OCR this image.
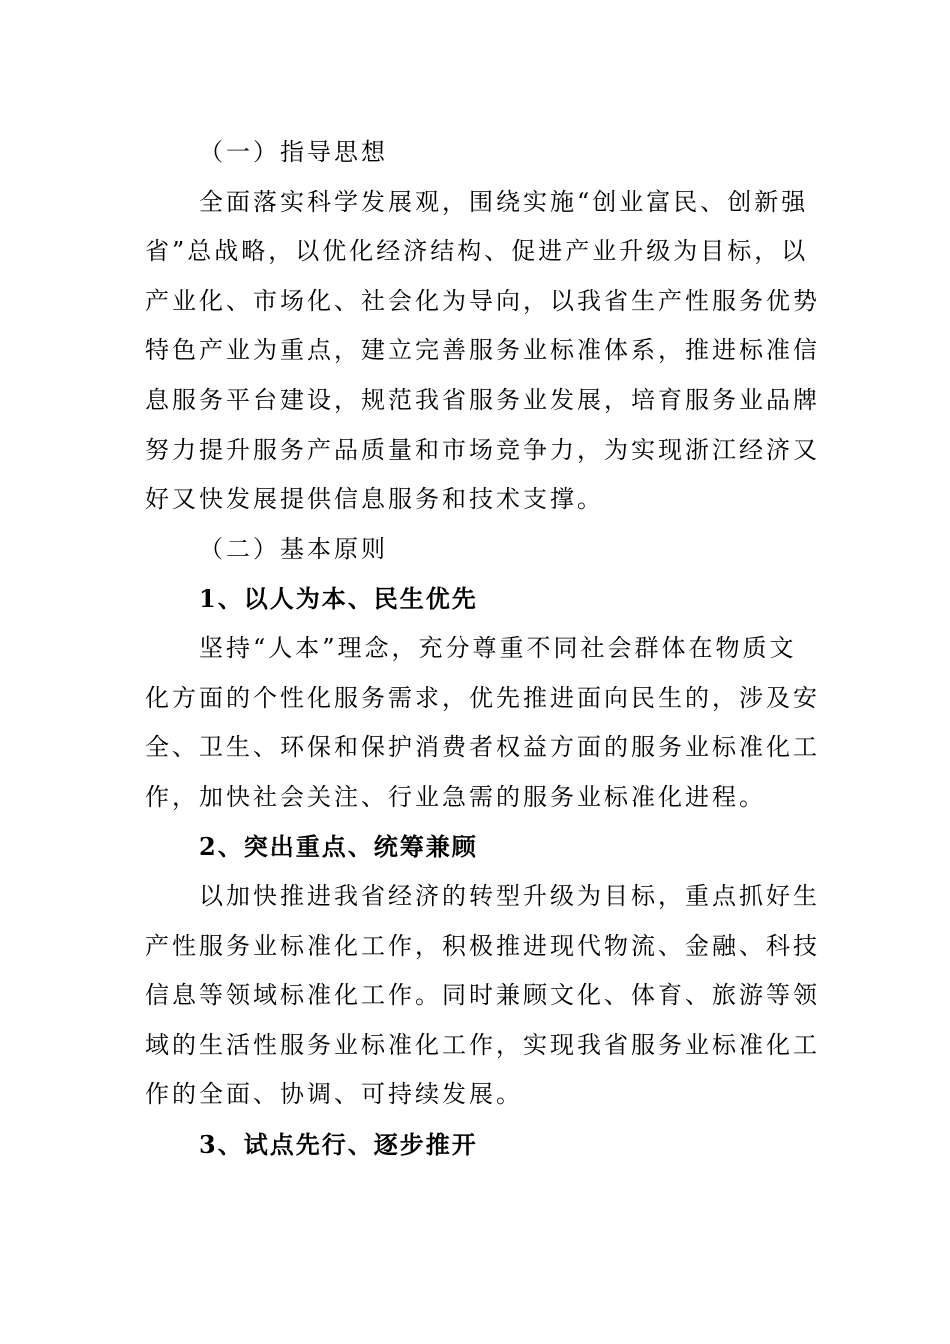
（一）指导思想
全面落实科学发展观，围绕实施“创业富民、创新强
省”总战略，以优化经济结构、促进产业升级为目标，以
产业化、市场化、社会化为导向，以我省生产性服务优势
特色产业为重点，建立完善服务业标准体系，推进标准信
息服务平台建设，规范我省服务业发展，培育服务业品牌
努力提升服务产品质量和市场竞争力，为实现浙江经济又
好又快发展提供信息服务和技术支撑。
（二）基本原则
1、以人为本、民生优先
坚持“人本”理念，充分尊重不同社会群体在物质文
化方面的个性化服务需求，优先推进面向民生的，涉及安
全、卫生、环保和保护消费者权益方面的服务业标准化工
作，加快社会关注、行业急需的服务业标准化进程。
2、突出重点、统筹兼顾
以加快推进我省经济的转型升级为目标，重点抓好生
产性服务业标准化工作，积极推进现代物流、金融、科技
信息等领域标准化工作。同时兼顾文化、体育、旅游等领
域的生活性服务业标准化工作，实现我省服务业标准化工
作的全面、协调、可持续发展。
3、试点先行、逐步推开
